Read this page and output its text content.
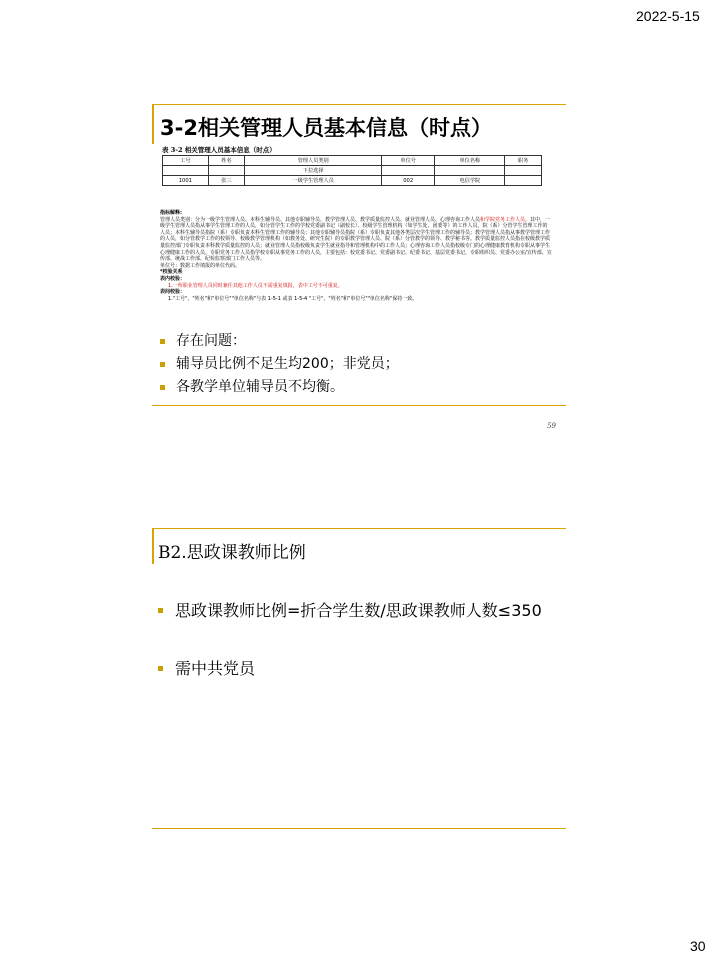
2022-5-15
3-2相关管理人员基本信息（时点）
表 3-2 相关管理人员基本信息（时点）
工号	姓名	管理人员类别	单位号	单位名称	职务
		下拉选择			
1001	张三	一级学生管理人员	002	电信学院	
指标解释:
管理人员类别：分为一级学生管理人员、本科生辅导员、其他专职辅导员、教学管理人员、教学质量监控人员、就业管理人员、心理咨询工作人员和学院党务工作人员。其中，一级学生管理人员指从事学生管理工作的人员，如分管学生工作的学校党委副书记（副校长）、校级学生管理机构（如学生处、团委等）的工作人员，院（系）分管学生管理工作的人员；本科生辅导员指院（系）专职负责本科生管理工作的辅导员；其他专职辅导员指院（系）专职负责其他各类层次学生管理工作的辅导员；教学管理人员指从事教学管理工作的人员，如分管教学工作的校领导、校级教学管理机构（如教务处、研究生院）的专职教学管理人员、院（系）分管教学的领导、教学秘书等。教学质量监控人员指在校级教学质量监控部门专职负责本科教学质量监控的人员；就业管理人员指校级负责学生就业指导和管理机构中的工作人员；心理咨询工作人员指校级专门的心理健康教育机构专职从事学生心理健康工作的人员。专职党务工作人员指学校专职从事党务工作的人员，主要包括：校党委书记、党委副书记、纪委书记、基层党委书记、专职组织员、党委办公室/宣传部、宣传部、统战工作部、纪检监察部门工作人员等。
单位号：数据工作填报的单位代码。
*校验关系
表内校验：
1.一所职业管理人员同时兼任其他工作人员不需重复填报，表中工号不可重复。
表间校验：
1."工号"、"姓名"和"单位号""单位名称"与表 1-5-1 或表 1-5-4 "工号"、"姓名"和"单位号""单位名称"保持一致。
存在问题：
辅导员比例不足生均200；非党员；
各教学单位辅导员不均衡。
59
B2.思政课教师比例
思政课教师比例=折合学生数/思政课教师人数≤350
需中共党员
30
